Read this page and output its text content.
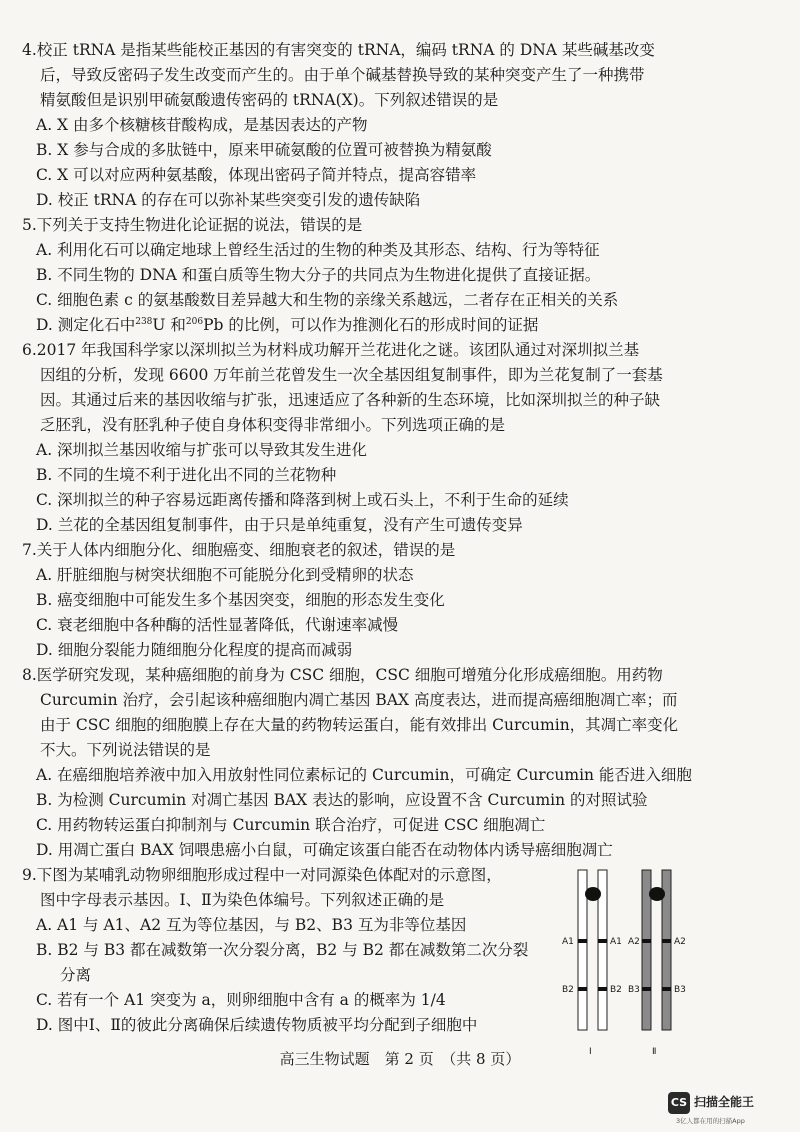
4.校正 tRNA 是指某些能校正基因的有害突变的 tRNA，编码 tRNA 的 DNA 某些碱基改变
后，导致反密码子发生改变而产生的。由于单个碱基替换导致的某种突变产生了一种携带
精氨酸但是识别甲硫氨酸遗传密码的 tRNA(X)。下列叙述错误的是
A. X 由多个核糖核苷酸构成，是基因表达的产物
B. X 参与合成的多肽链中，原来甲硫氨酸的位置可被替换为精氨酸
C. X 可以对应两种氨基酸，体现出密码子简并特点，提高容错率
D. 校正 tRNA 的存在可以弥补某些突变引发的遗传缺陷
5.下列关于支持生物进化论证据的说法，错误的是
A. 利用化石可以确定地球上曾经生活过的生物的种类及其形态、结构、行为等特征
B. 不同生物的 DNA 和蛋白质等生物大分子的共同点为生物进化提供了直接证据。
C. 细胞色素 c 的氨基酸数目差异越大和生物的亲缘关系越远，二者存在正相关的关系
D. 测定化石中$^{238}$U 和$^{206}$Pb 的比例，可以作为推测化石的形成时间的证据
6.2017 年我国科学家以深圳拟兰为材料成功解开兰花进化之谜。该团队通过对深圳拟兰基
因组的分析，发现 6600 万年前兰花曾发生一次全基因组复制事件，即为兰花复制了一套基
因。其通过后来的基因收缩与扩张，迅速适应了各种新的生态环境，比如深圳拟兰的种子缺
乏胚乳，没有胚乳种子使自身体积变得非常细小。下列选项正确的是
A. 深圳拟兰基因收缩与扩张可以导致其发生进化
B. 不同的生境不利于进化出不同的兰花物种
C. 深圳拟兰的种子容易远距离传播和降落到树上或石头上，不利于生命的延续
D. 兰花的全基因组复制事件，由于只是单纯重复，没有产生可遗传变异
7.关于人体内细胞分化、细胞癌变、细胞衰老的叙述，错误的是
A. 肝脏细胞与树突状细胞不可能脱分化到受精卵的状态
B. 癌变细胞中可能发生多个基因突变，细胞的形态发生变化
C. 衰老细胞中各种酶的活性显著降低，代谢速率减慢
D. 细胞分裂能力随细胞分化程度的提高而减弱
8.医学研究发现，某种癌细胞的前身为 CSC 细胞，CSC 细胞可增殖分化形成癌细胞。用药物
Curcumin 治疗，会引起该种癌细胞内凋亡基因 BAX 高度表达，进而提高癌细胞凋亡率；而
由于 CSC 细胞的细胞膜上存在大量的药物转运蛋白，能有效排出 Curcumin，其凋亡率变化
不大。下列说法错误的是
A. 在癌细胞培养液中加入用放射性同位素标记的 Curcumin，可确定 Curcumin 能否进入细胞
B. 为检测 Curcumin 对凋亡基因 BAX 表达的影响，应设置不含 Curcumin 的对照试验
C. 用药物转运蛋白抑制剂与 Curcumin 联合治疗，可促进 CSC 细胞凋亡
D. 用凋亡蛋白 BAX 饲喂患癌小白鼠，可确定该蛋白能否在动物体内诱导癌细胞凋亡
9.下图为某哺乳动物卵细胞形成过程中一对同源染色体配对的示意图，
图中字母表示基因。Ⅰ、Ⅱ为染色体编号。下列叙述正确的是
A. A1 与 A1、A2 互为等位基因，与 B2、B3 互为非等位基因
B. B2 与 B3 都在减数第一次分裂分离，B2 与 B2 都在减数第二次分裂
分离
C. 若有一个 A1 突变为 a，则卵细胞中含有 a 的概率为 1/4
D. 图中Ⅰ、Ⅱ的彼此分离确保后续遗传物质被平均分配到子细胞中
A1
B2
A1 A2
B2 B3
A2
B3
Ⅰ	Ⅱ
高三生物试题　第 2 页　（共 8 页）
CS 扫描全能王
3亿人都在用的扫描App
